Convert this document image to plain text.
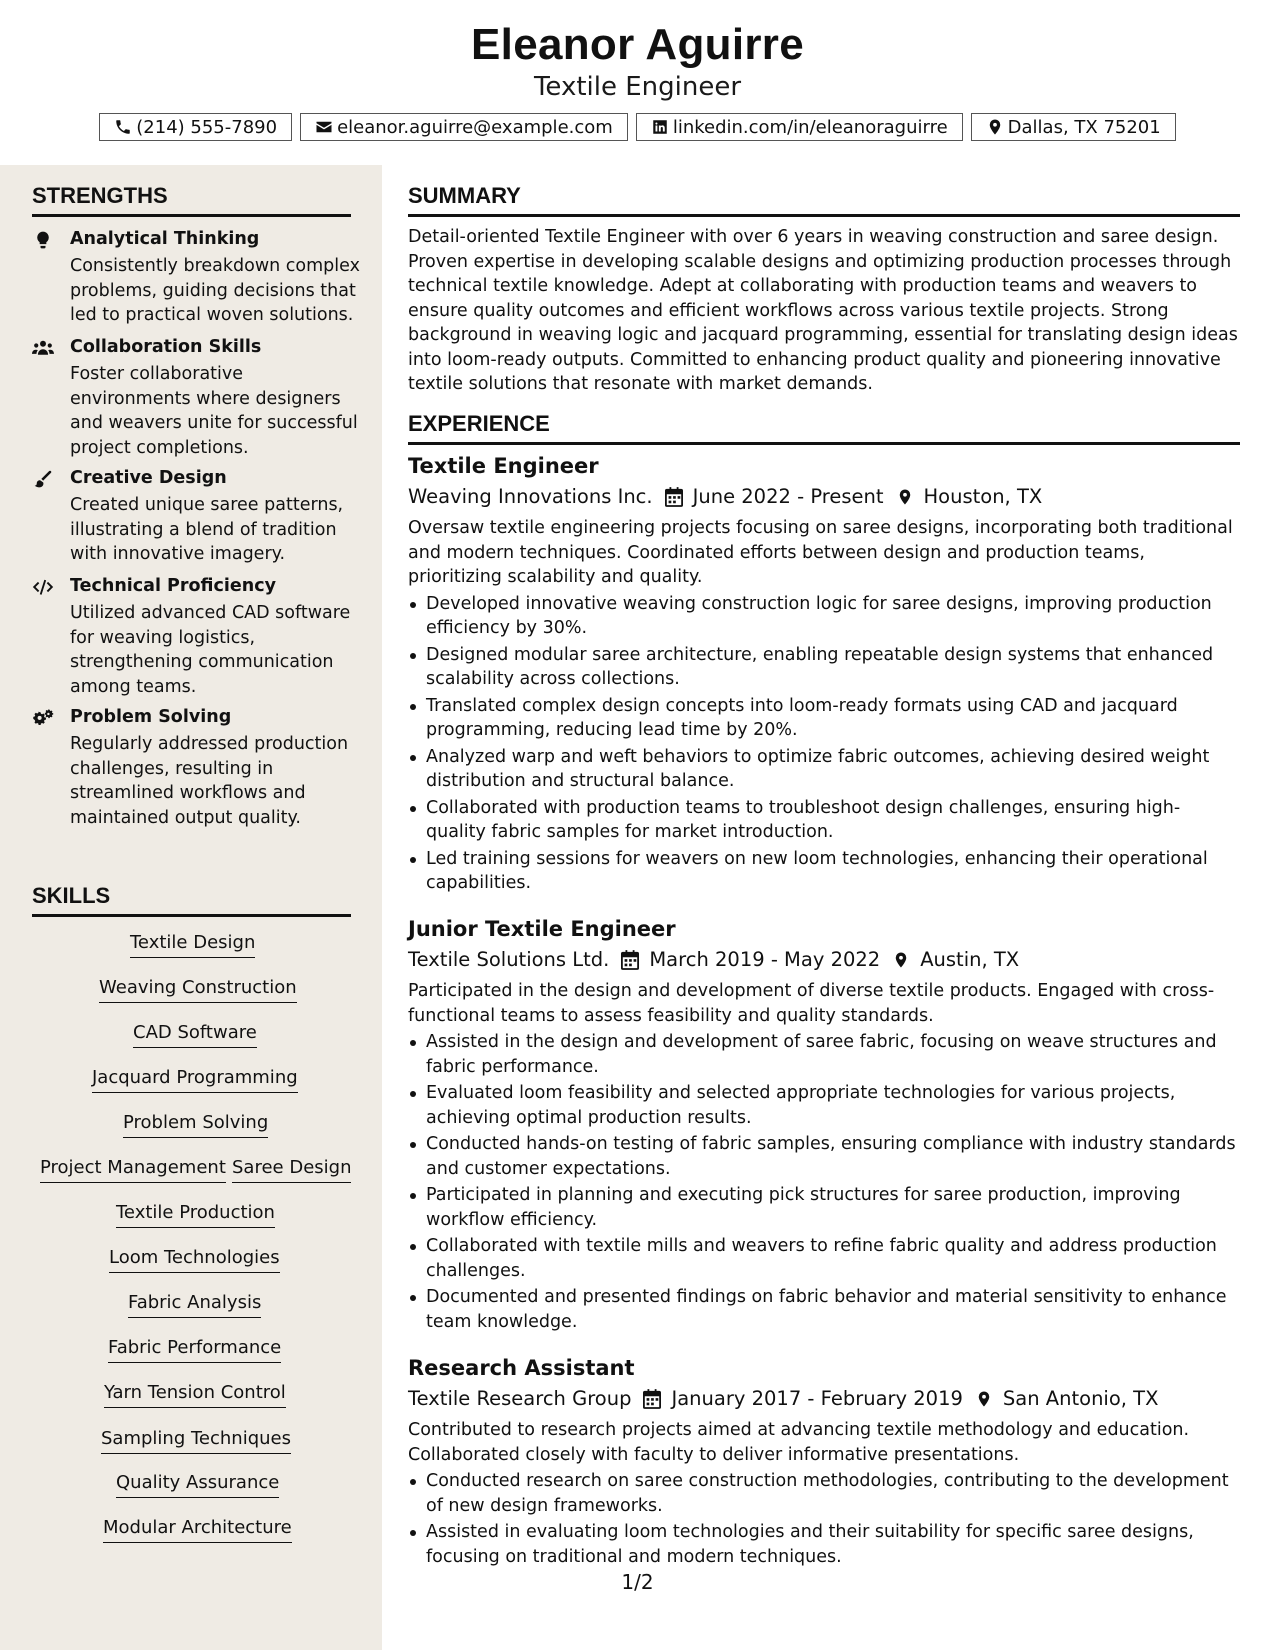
Eleanor Aguirre
Textile Engineer
(214) 555-7890	eleanor.aguirre@example.com	linkedin.com/in/eleanoraguirre	Dallas, TX 75201
STRENGTHS
Analytical Thinking
Consistently breakdown complex problems, guiding decisions that led to practical woven solutions.
Collaboration Skills
Foster collaborative environments where designers and weavers unite for successful project completions.
Creative Design
Created unique saree patterns, illustrating a blend of tradition with innovative imagery.
Technical Proficiency
Utilized advanced CAD software for weaving logistics, strengthening communication among teams.
Problem Solving
Regularly addressed production challenges, resulting in streamlined workflows and maintained output quality.
SKILLS
Textile Design
Weaving Construction
CAD Software
Jacquard Programming
Problem Solving
Project Management Saree Design
Textile Production
Loom Technologies
Fabric Analysis
Fabric Performance
Yarn Tension Control
Sampling Techniques
Quality Assurance
Modular Architecture
SUMMARY
Detail-oriented Textile Engineer with over 6 years in weaving construction and saree design. Proven expertise in developing scalable designs and optimizing production processes through technical textile knowledge. Adept at collaborating with production teams and weavers to ensure quality outcomes and efficient workflows across various textile projects. Strong background in weaving logic and jacquard programming, essential for translating design ideas into loom-ready outputs. Committed to enhancing product quality and pioneering innovative textile solutions that resonate with market demands.
EXPERIENCE
Textile Engineer
Weaving Innovations Inc. June 2022 - Present Houston, TX
Oversaw textile engineering projects focusing on saree designs, incorporating both traditional and modern techniques. Coordinated efforts between design and production teams, prioritizing scalability and quality.
Developed innovative weaving construction logic for saree designs, improving production efficiency by 30%.
Designed modular saree architecture, enabling repeatable design systems that enhanced scalability across collections.
Translated complex design concepts into loom-ready formats using CAD and jacquard programming, reducing lead time by 20%.
Analyzed warp and weft behaviors to optimize fabric outcomes, achieving desired weight distribution and structural balance.
Collaborated with production teams to troubleshoot design challenges, ensuring high-quality fabric samples for market introduction.
Led training sessions for weavers on new loom technologies, enhancing their operational capabilities.
Junior Textile Engineer
Textile Solutions Ltd. March 2019 - May 2022 Austin, TX
Participated in the design and development of diverse textile products. Engaged with cross-functional teams to assess feasibility and quality standards.
Assisted in the design and development of saree fabric, focusing on weave structures and fabric performance.
Evaluated loom feasibility and selected appropriate technologies for various projects, achieving optimal production results.
Conducted hands-on testing of fabric samples, ensuring compliance with industry standards and customer expectations.
Participated in planning and executing pick structures for saree production, improving workflow efficiency.
Collaborated with textile mills and weavers to refine fabric quality and address production challenges.
Documented and presented findings on fabric behavior and material sensitivity to enhance team knowledge.
Research Assistant
Textile Research Group January 2017 - February 2019 San Antonio, TX
Contributed to research projects aimed at advancing textile methodology and education. Collaborated closely with faculty to deliver informative presentations.
Conducted research on saree construction methodologies, contributing to the development of new design frameworks.
Assisted in evaluating loom technologies and their suitability for specific saree designs, focusing on traditional and modern techniques.
1/2
